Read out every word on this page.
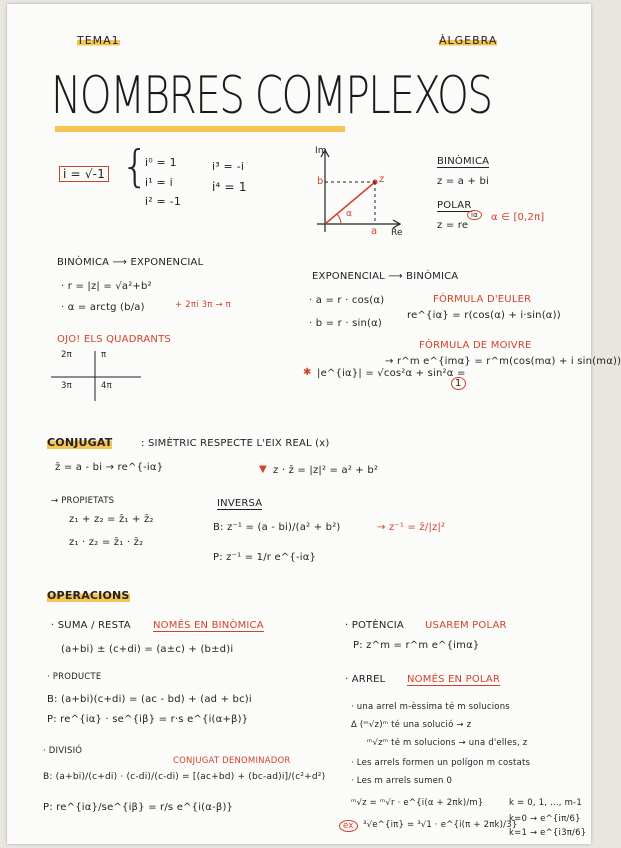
TEMA1	ÀLGEBRA
NOMBRES COMPLEXOS
i = √-1 {
i⁰ = 1
i¹ = i
i² = -1
i³ = -i
i⁴ = 1
Im
Re
a
b	z
α
BINÒMICA
z = a + bi
POLAR
z = re
iα	α ∈ [0,2π]
BINÒMICA ⟶ EXPONENCIAL
· r = |z| = √a²+b²
· α = arctg (b/a)	+ 2πi 3π → π
OJO! ELS QUADRANTS
2π	π
3π	4π
EXPONENCIAL ⟶ BINÒMICA
· a = r · cos(α)
· b = r · sin(α)
FÒRMULA D'EULER
re^{iα} = r(cos(α) + i·sin(α))
FÒRMULA DE MOIVRE
→ r^m e^{imα} = r^m(cos(mα) + i sin(mα))
✱ |e^{iα}| = √cos²α + sin²α =
1
CONJUGAT	: SIMÈTRIC RESPECTE L'EIX REAL (x)
z̄ = a - bi → re^{-iα}	▼ z · z̄ = |z|² = a² + b²
→ PROPIETATS
z₁ + z₂ = z̄₁ + z̄₂
z₁ · z₂ = z̄₁ · z̄₂
INVERSA
B: z⁻¹ = (a - bi)/(a² + b²)	→ z⁻¹ = z̄/|z|²
P: z⁻¹ = 1/r e^{-iα}
OPERACIONS
· SUMA / RESTA NOMÉS EN BINÒMICA
(a+bi) ± (c+di) = (a±c) + (b±d)i
· PRODUCTE
B: (a+bi)(c+di) = (ac - bd) + (ad + bc)i
P: re^{iα} · se^{iβ} = r·s e^{i(α+β)}
· DIVISIÓ
CONJUGAT DENOMINADOR
B: (a+bi)/(c+di) · (c-di)/(c-di) = [(ac+bd) + (bc-ad)i]/(c²+d²)
P: re^{iα}/se^{iβ} = r/s e^{i(α-β)}
· POTÈNCIA USAREM POLAR
P: z^m = r^m e^{imα}
· ARREL NOMÉS EN POLAR
· una arrel m-èssima té m solucions
Δ (ᵐ√z)ᵐ té una solució → z
ᵐ√zᵐ té m solucions → una d'elles, z
· Les arrels formen un polígon m costats
· Les m arrels sumen 0
ᵐ√z = ᵐ√r · e^{i(α + 2πk)/m}	k = 0, 1, ..., m-1
ex	³√e^{iπ} = ³√1 · e^{i(π + 2πk)/3}
k=0 → e^{iπ/6}
k=1 → e^{i3π/6}
